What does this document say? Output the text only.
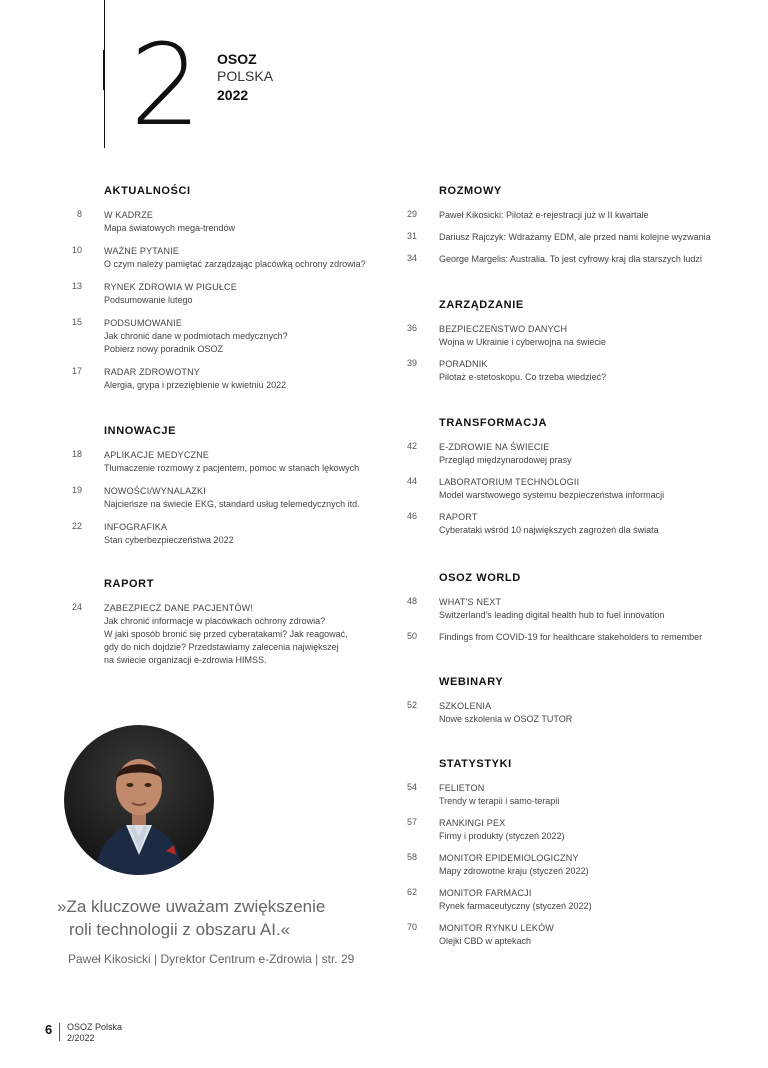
2 OSOZ
POLSKA
2022
AKTUALNOŚCI
8 W KADRZE
Mapa światowych mega-trendów
10 WAŻNE PYTANIE
O czym należy pamiętać zarządzając placówką ochrony zdrowia?
13 RYNEK ZDROWIA W PIGUŁCE
Podsumowanie lutego
15 PODSUMOWANIE
Jak chronić dane w podmiotach medycznych?
Pobierz nowy poradnik OSOZ
17 RADAR ZDROWOTNY
Alergia, grypa i przeziębienie w kwietniu 2022
INNOWACJE
18 APLIKACJE MEDYCZNE
Tłumaczenie rozmowy z pacjentem, pomoc w stanach lękowych
19 NOWOŚCI/WYNALAZKI
Najcieńsze na świecie EKG, standard usług telemedycznych itd.
22 INFOGRAFIKA
Stan cyberbezpieczeństwa 2022
RAPORT
24 ZABEZPIECZ DANE PACJENTÓW!
Jak chronić informacje w placówkach ochrony zdrowia?
W jaki sposób bronić się przed cyberatakami? Jak reagować,
gdy do nich dojdzie? Przedstawiamy zalecenia największej
na świecie organizacji e-zdrowia HIMSS.
ROZMOWY
29 Paweł Kikosicki: Pilotaż e-rejestracji już w II kwartale
31 Dariusz Rajczyk: Wdrażamy EDM, ale przed nami kolejne wyzwania
34 George Margelis: Australia. To jest cyfrowy kraj dla starszych ludzi
ZARZĄDZANIE
36 BEZPIECZEŃSTWO DANYCH
Wojna w Ukrainie i cyberwojna na świecie
39 PORADNIK
Pilotaż e-stetoskopu. Co trzeba wiedzieć?
TRANSFORMACJA
42 E-ZDROWIE NA ŚWIECIE
Przegląd międzynarodowej prasy
44 LABORATORIUM TECHNOLOGII
Model warstwowego systemu bezpieczeństwa informacji
46 RAPORT
Cyberataki wśród 10 największych zagrożeń dla świata
OSOZ WORLD
48 WHAT'S NEXT
Switzerland's leading digital health hub to fuel innovation
50 Findings from COVID-19 for healthcare stakeholders to remember
WEBINARY
52 SZKOLENIA
Nowe szkolenia w OSOZ TUTOR
STATYSTYKI
54 FELIETON
Trendy w terapii i samo-terapii
57 RANKINGI PEX
Firmy i produkty (styczeń 2022)
58 MONITOR EPIDEMIOLOGICZNY
Mapy zdrowotne kraju (styczeń 2022)
62 MONITOR FARMACJI
Rynek farmaceutyczny (styczeń 2022)
70 MONITOR RYNKU LEKÓW
Olejki CBD w aptekach
»Za kluczowe uważam zwiększenie
roli technologii z obszaru AI.«
Paweł Kikosicki | Dyrektor Centrum e-Zdrowia | str. 29
6 OSOZ Polska
2/2022
